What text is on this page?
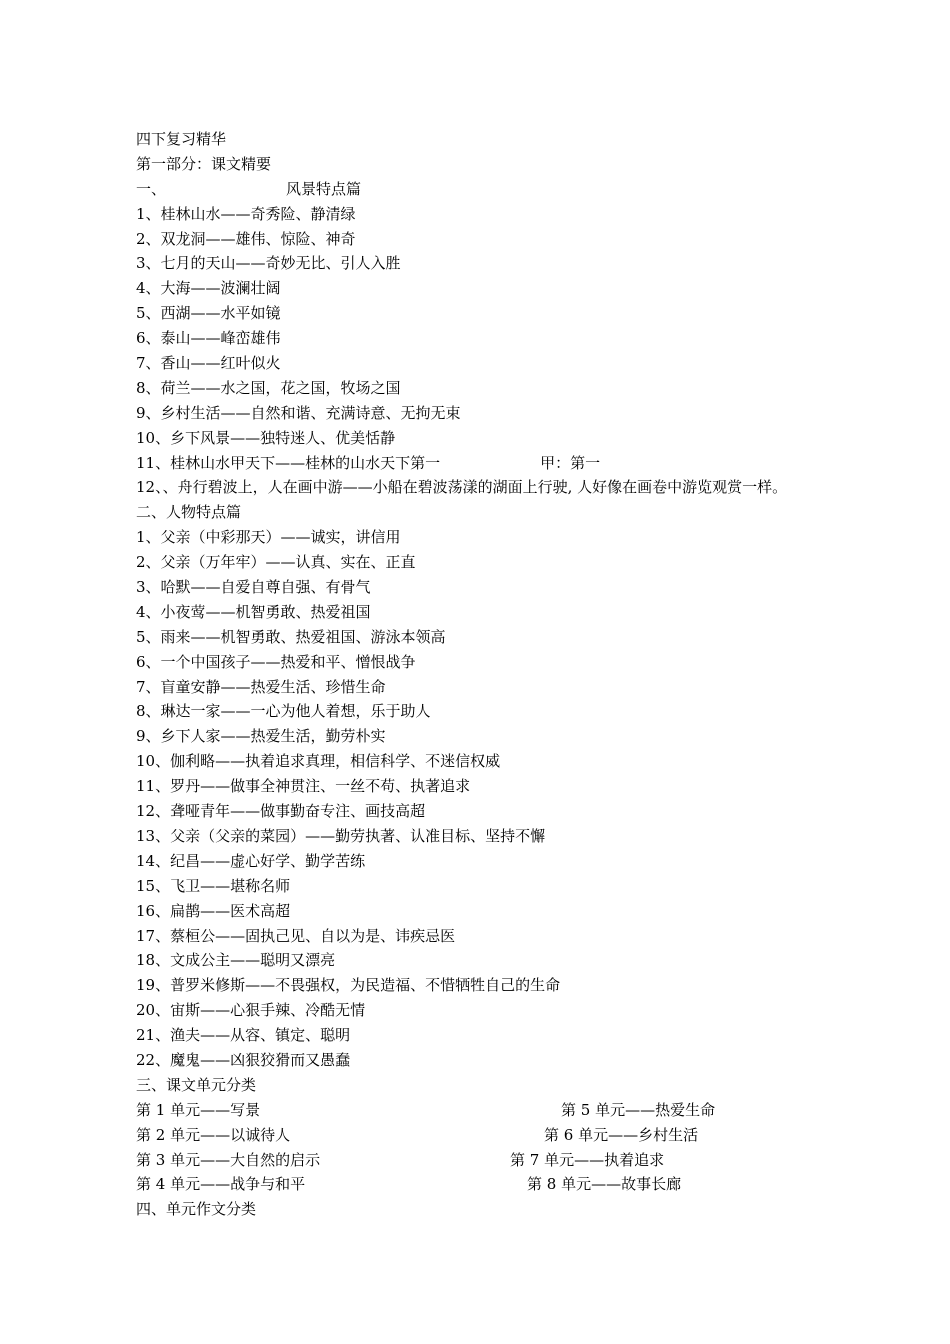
四下复习精华
第一部分：课文精要
一、	风景特点篇
1、桂林山水——奇秀险、静清绿
2、双龙洞——雄伟、惊险、神奇
3、七月的天山——奇妙无比、引人入胜
4、大海——波澜壮阔
5、西湖——水平如镜
6、泰山——峰峦雄伟
7、香山——红叶似火
8、荷兰——水之国，花之国，牧场之国
9、乡村生活——自然和谐、充满诗意、无拘无束
10、乡下风景——独特迷人、优美恬静
11、桂林山水甲天下——桂林的山水天下第一	甲：第一
12、、舟行碧波上，人在画中游——小船在碧波荡漾的湖面上行驶, 人好像在画卷中游览观赏一样。
二、人物特点篇
1、父亲（中彩那天）——诚实，讲信用
2、父亲（万年牢）——认真、实在、正直
3、哈默——自爱自尊自强、有骨气
4、小夜莺——机智勇敢、热爱祖国
5、雨来——机智勇敢、热爱祖国、游泳本领高
6、一个中国孩子——热爱和平、憎恨战争
7、盲童安静——热爱生活、珍惜生命
8、琳达一家——一心为他人着想，乐于助人
9、乡下人家——热爱生活，勤劳朴实
10、伽利略——执着追求真理，相信科学、不迷信权威
11、罗丹——做事全神贯注、一丝不苟、执著追求
12、聋哑青年——做事勤奋专注、画技高超
13、父亲（父亲的菜园）——勤劳执著、认准目标、坚持不懈
14、纪昌——虚心好学、勤学苦练
15、飞卫——堪称名师
16、扁鹊——医术高超
17、蔡桓公——固执己见、自以为是、讳疾忌医
18、文成公主——聪明又漂亮
19、普罗米修斯——不畏强权，为民造福、不惜牺牲自己的生命
20、宙斯——心狠手辣、冷酷无情
21、渔夫——从容、镇定、聪明
22、魔鬼——凶狠狡猾而又愚蠢
三、课文单元分类
第 1 单元——写景	第 5 单元——热爱生命
第 2 单元——以诚待人	第 6 单元——乡村生活
第 3 单元——大自然的启示	第 7 单元——执着追求
第 4 单元——战争与和平	第 8 单元——故事长廊
四、单元作文分类
